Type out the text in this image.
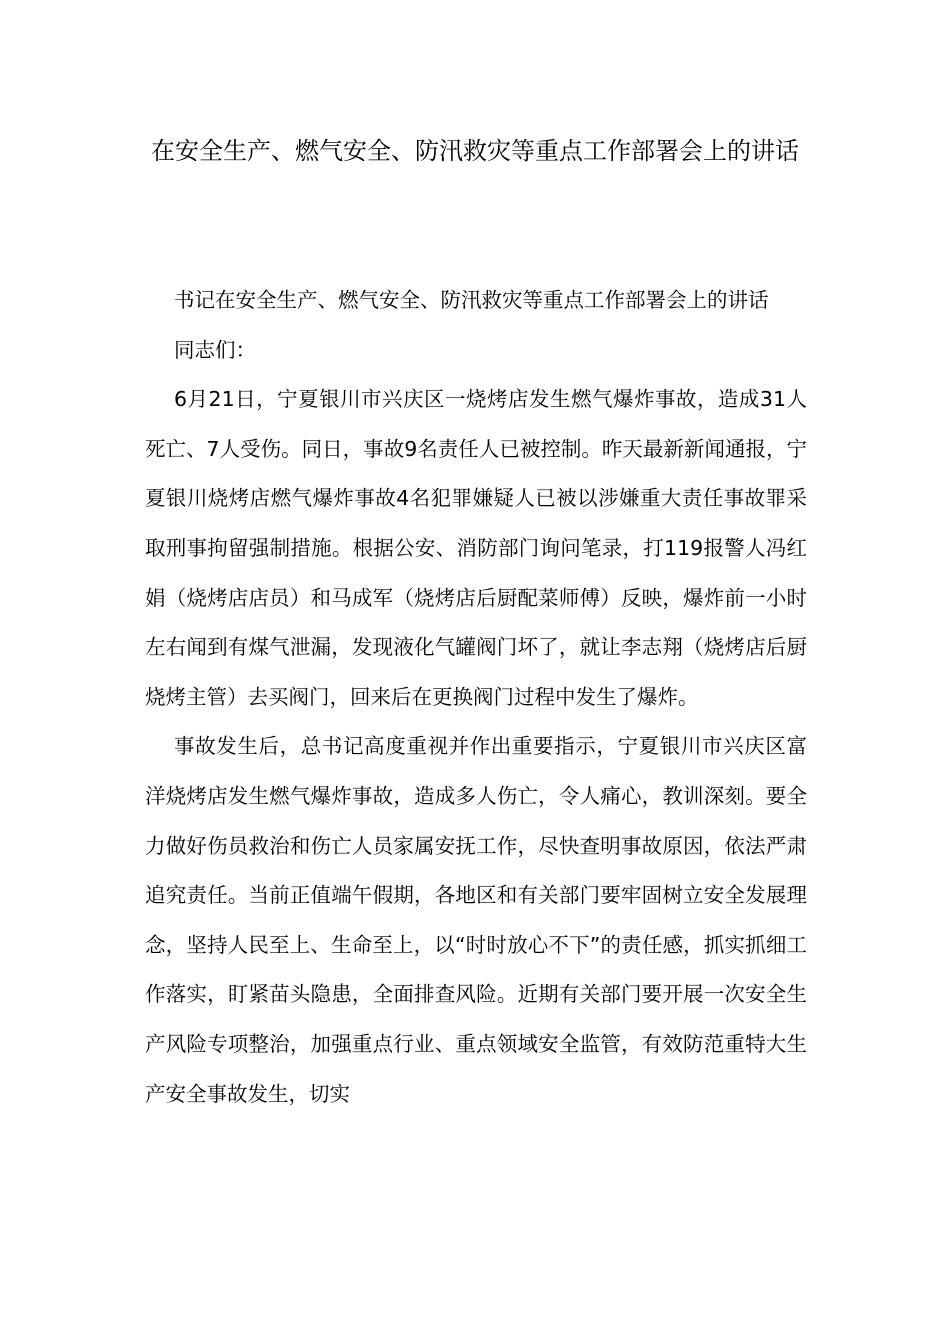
在安全生产、燃气安全、防汛救灾等重点工作部署会上的讲话

书记在安全生产、燃气安全、防汛救灾等重点工作部署会上的讲话

同志们：

6月21日，宁夏银川市兴庆区一烧烤店发生燃气爆炸事故，造成31人死亡、7人受伤。同日，事故9名责任人已被控制。昨天最新新闻通报，宁夏银川烧烤店燃气爆炸事故4名犯罪嫌疑人已被以涉嫌重大责任事故罪采取刑事拘留强制措施。根据公安、消防部门询问笔录，打119报警人冯红娟（烧烤店店员）和马成军（烧烤店后厨配菜师傅）反映，爆炸前一小时左右闻到有煤气泄漏，发现液化气罐阀门坏了，就让李志翔（烧烤店后厨烧烤主管）去买阀门，回来后在更换阀门过程中发生了爆炸。

事故发生后，总书记高度重视并作出重要指示，宁夏银川市兴庆区富洋烧烤店发生燃气爆炸事故，造成多人伤亡，令人痛心，教训深刻。要全力做好伤员救治和伤亡人员家属安抚工作，尽快查明事故原因，依法严肃追究责任。当前正值端午假期，各地区和有关部门要牢固树立安全发展理念，坚持人民至上、生命至上，以“时时放心不下”的责任感，抓实抓细工作落实，盯紧苗头隐患，全面排查风险。近期有关部门要开展一次安全生产风险专项整治，加强重点行业、重点领域安全监管，有效防范重特大生产安全事故发生，切实
